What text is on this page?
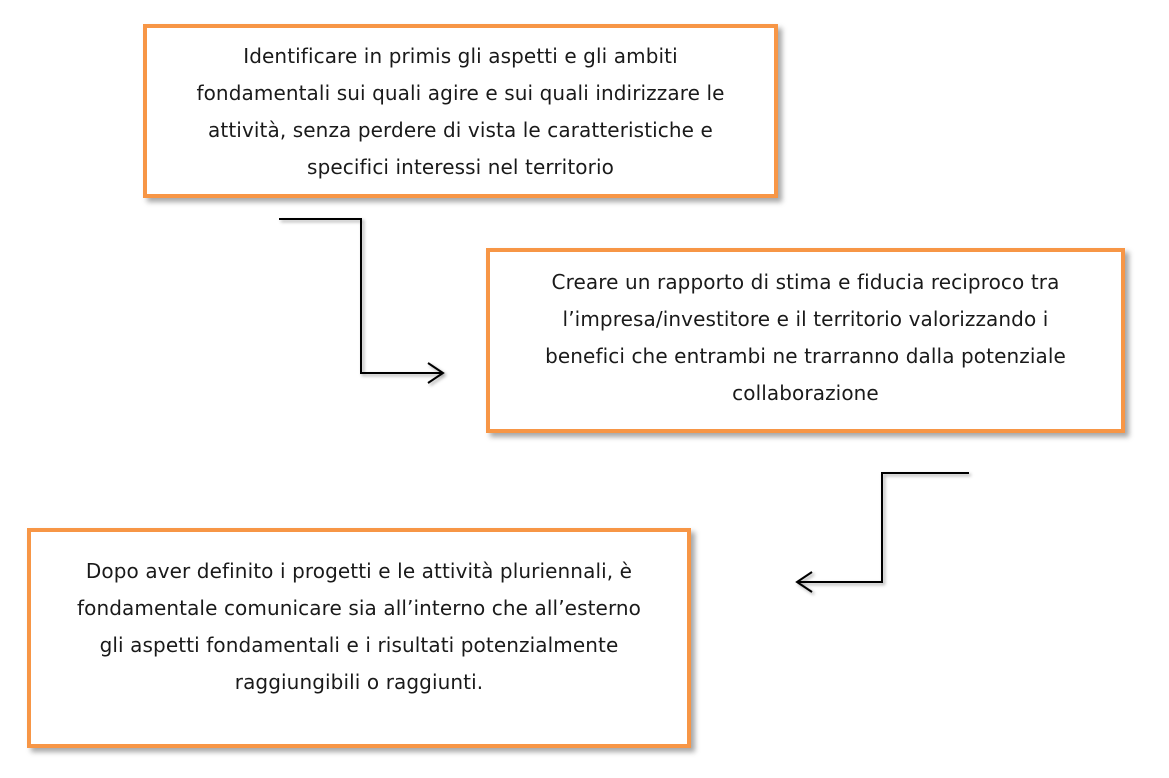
Identificare in primis gli aspetti e gli ambiti
fondamentali sui quali agire e sui quali indirizzare le
attività, senza perdere di vista le caratteristiche e
specifici interessi nel territorio

Creare un rapporto di stima e fiducia reciproco tra
l’impresa/investitore e il territorio valorizzando i
benefici che entrambi ne trarranno dalla potenziale
collaborazione

Dopo aver definito i progetti e le attività pluriennali, è
fondamentale comunicare sia all’interno che all’esterno
gli aspetti fondamentali e i risultati potenzialmente
raggiungibili o raggiunti.
